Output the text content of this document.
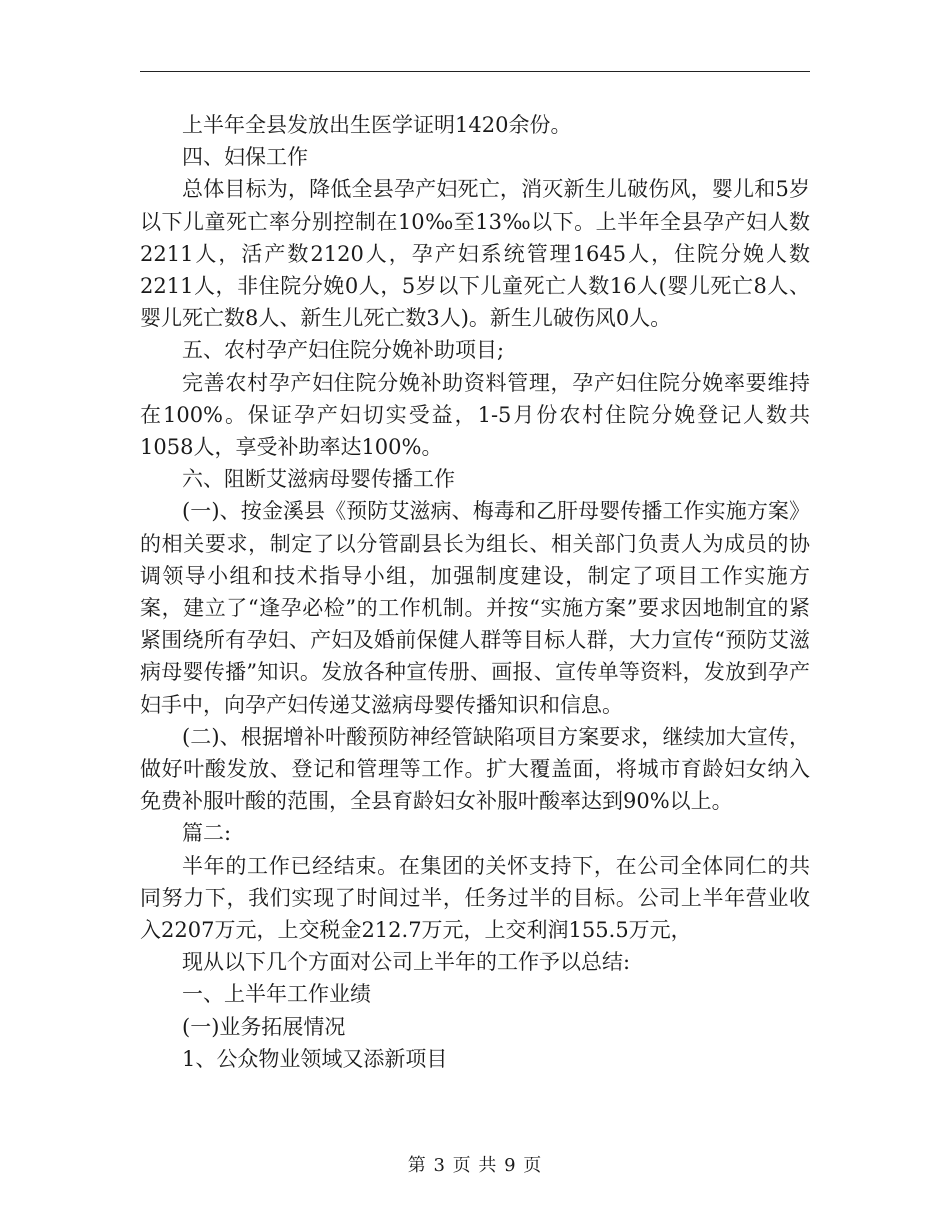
上半年全县发放出生医学证明1420余份。

四、妇保工作

总体目标为，降低全县孕产妇死亡，消灭新生儿破伤风，婴儿和5岁以下儿童死亡率分别控制在10‰至13‰以下。上半年全县孕产妇人数2211人，活产数2120人，孕产妇系统管理1645人，住院分娩人数2211人，非住院分娩0人，5岁以下儿童死亡人数16人(婴儿死亡8人、婴儿死亡数8人、新生儿死亡数3人)。新生儿破伤风0人。

五、农村孕产妇住院分娩补助项目;

完善农村孕产妇住院分娩补助资料管理，孕产妇住院分娩率要维持在100%。保证孕产妇切实受益，1-5月份农村住院分娩登记人数共1058人，享受补助率达100%。

六、阻断艾滋病母婴传播工作

(一)、按金溪县《预防艾滋病、梅毒和乙肝母婴传播工作实施方案》的相关要求，制定了以分管副县长为组长、相关部门负责人为成员的协调领导小组和技术指导小组，加强制度建设，制定了项目工作实施方案，建立了“逢孕必检”的工作机制。并按“实施方案”要求因地制宜的紧紧围绕所有孕妇、产妇及婚前保健人群等目标人群，大力宣传“预防艾滋病母婴传播”知识。发放各种宣传册、画报、宣传单等资料，发放到孕产妇手中，向孕产妇传递艾滋病母婴传播知识和信息。

(二)、根据增补叶酸预防神经管缺陷项目方案要求，继续加大宣传，做好叶酸发放、登记和管理等工作。扩大覆盖面，将城市育龄妇女纳入免费补服叶酸的范围，全县育龄妇女补服叶酸率达到90%以上。

篇二:

半年的工作已经结束。在集团的关怀支持下，在公司全体同仁的共同努力下，我们实现了时间过半，任务过半的目标。公司上半年营业收入2207万元，上交税金212.7万元，上交利润155.5万元，

现从以下几个方面对公司上半年的工作予以总结:

一、上半年工作业绩

(一)业务拓展情况

1、公众物业领域又添新项目

第 3 页 共 9 页
